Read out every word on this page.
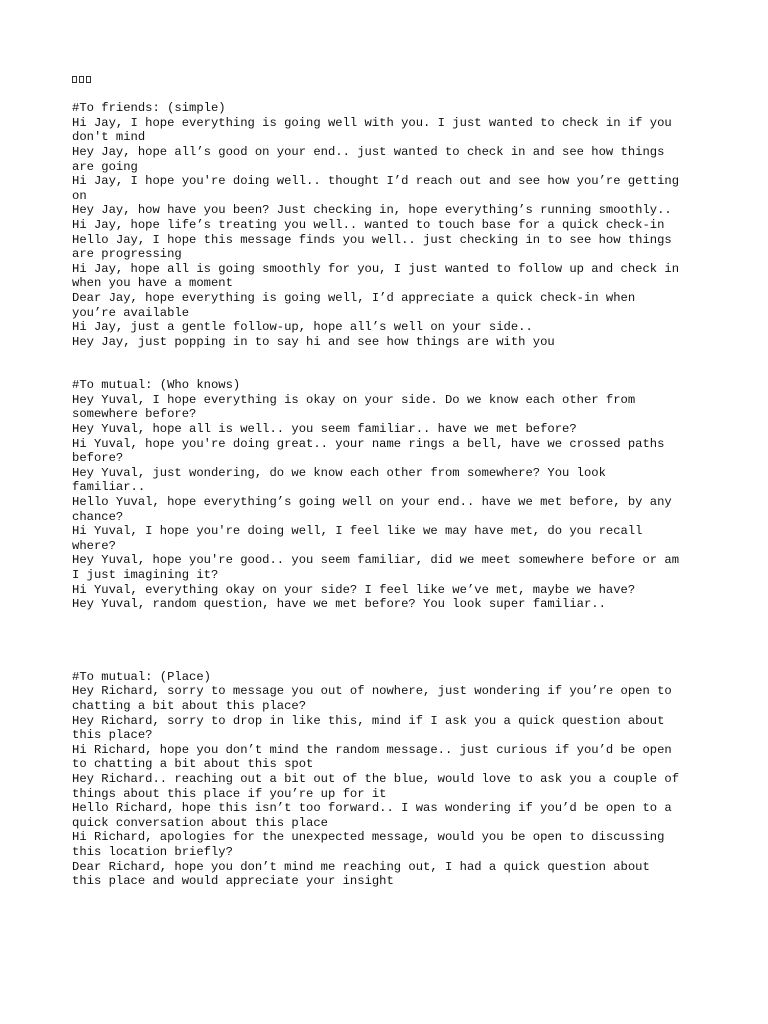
#To friends: (simple)
Hi Jay, I hope everything is going well with you. I just wanted to check in if you
don't mind
Hey Jay, hope all’s good on your end.. just wanted to check in and see how things
are going
Hi Jay, I hope you're doing well.. thought I’d reach out and see how you’re getting
on
Hey Jay, how have you been? Just checking in, hope everything’s running smoothly..
Hi Jay, hope life’s treating you well.. wanted to touch base for a quick check-in
Hello Jay, I hope this message finds you well.. just checking in to see how things
are progressing
Hi Jay, hope all is going smoothly for you, I just wanted to follow up and check in
when you have a moment
Dear Jay, hope everything is going well, I’d appreciate a quick check-in when
you’re available
Hi Jay, just a gentle follow-up, hope all’s well on your side..
Hey Jay, just popping in to say hi and see how things are with you
#To mutual: (Who knows)
Hey Yuval, I hope everything is okay on your side. Do we know each other from
somewhere before?
Hey Yuval, hope all is well.. you seem familiar.. have we met before?
Hi Yuval, hope you're doing great.. your name rings a bell, have we crossed paths
before?
Hey Yuval, just wondering, do we know each other from somewhere? You look
familiar..
Hello Yuval, hope everything’s going well on your end.. have we met before, by any
chance?
Hi Yuval, I hope you're doing well, I feel like we may have met, do you recall
where?
Hey Yuval, hope you're good.. you seem familiar, did we meet somewhere before or am
I just imagining it?
Hi Yuval, everything okay on your side? I feel like we’ve met, maybe we have?
Hey Yuval, random question, have we met before? You look super familiar..
#To mutual: (Place)
Hey Richard, sorry to message you out of nowhere, just wondering if you’re open to
chatting a bit about this place?
Hey Richard, sorry to drop in like this, mind if I ask you a quick question about
this place?
Hi Richard, hope you don’t mind the random message.. just curious if you’d be open
to chatting a bit about this spot
Hey Richard.. reaching out a bit out of the blue, would love to ask you a couple of
things about this place if you’re up for it
Hello Richard, hope this isn’t too forward.. I was wondering if you’d be open to a
quick conversation about this place
Hi Richard, apologies for the unexpected message, would you be open to discussing
this location briefly?
Dear Richard, hope you don’t mind me reaching out, I had a quick question about
this place and would appreciate your insight
